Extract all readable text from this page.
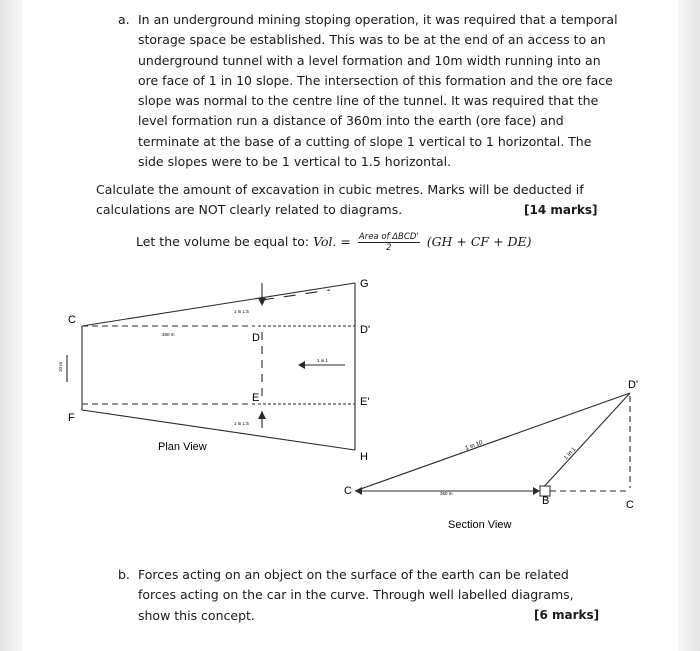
a. In an underground mining stoping operation, it was required that a temporal storage space be established. This was to be at the end of an access to an underground tunnel with a level formation and 10m width running into an ore face of 1 in 10 slope. The intersection of this formation and the ore face slope was normal to the centre line of the tunnel. It was required that the level formation run a distance of 360m into the earth (ore face) and terminate at the base of a cutting of slope 1 vertical to 1 horizontal. The side slopes were to be 1 vertical to 1.5 horizontal.
Calculate the amount of excavation in cubic metres. Marks will be deducted if
calculations are NOT clearly related to diagrams.	[14 marks]
Let the volume be equal to: Vol. = $\frac{\text{Area of ΔBCD'}}{2} (GH$ + CF + DE)
G
C
D
D'
E	E'
F
H
Plan View
360 m
10 m
1 in 1.5
1 in 1.5
1 in 1
C
B	C
D'
Section View
1 in 10
1 in 1
360 m
b. Forces acting on an object on the surface of the earth can be related
forces acting on the car in the curve. Through well labelled diagrams,
show this concept.	[6 marks]
